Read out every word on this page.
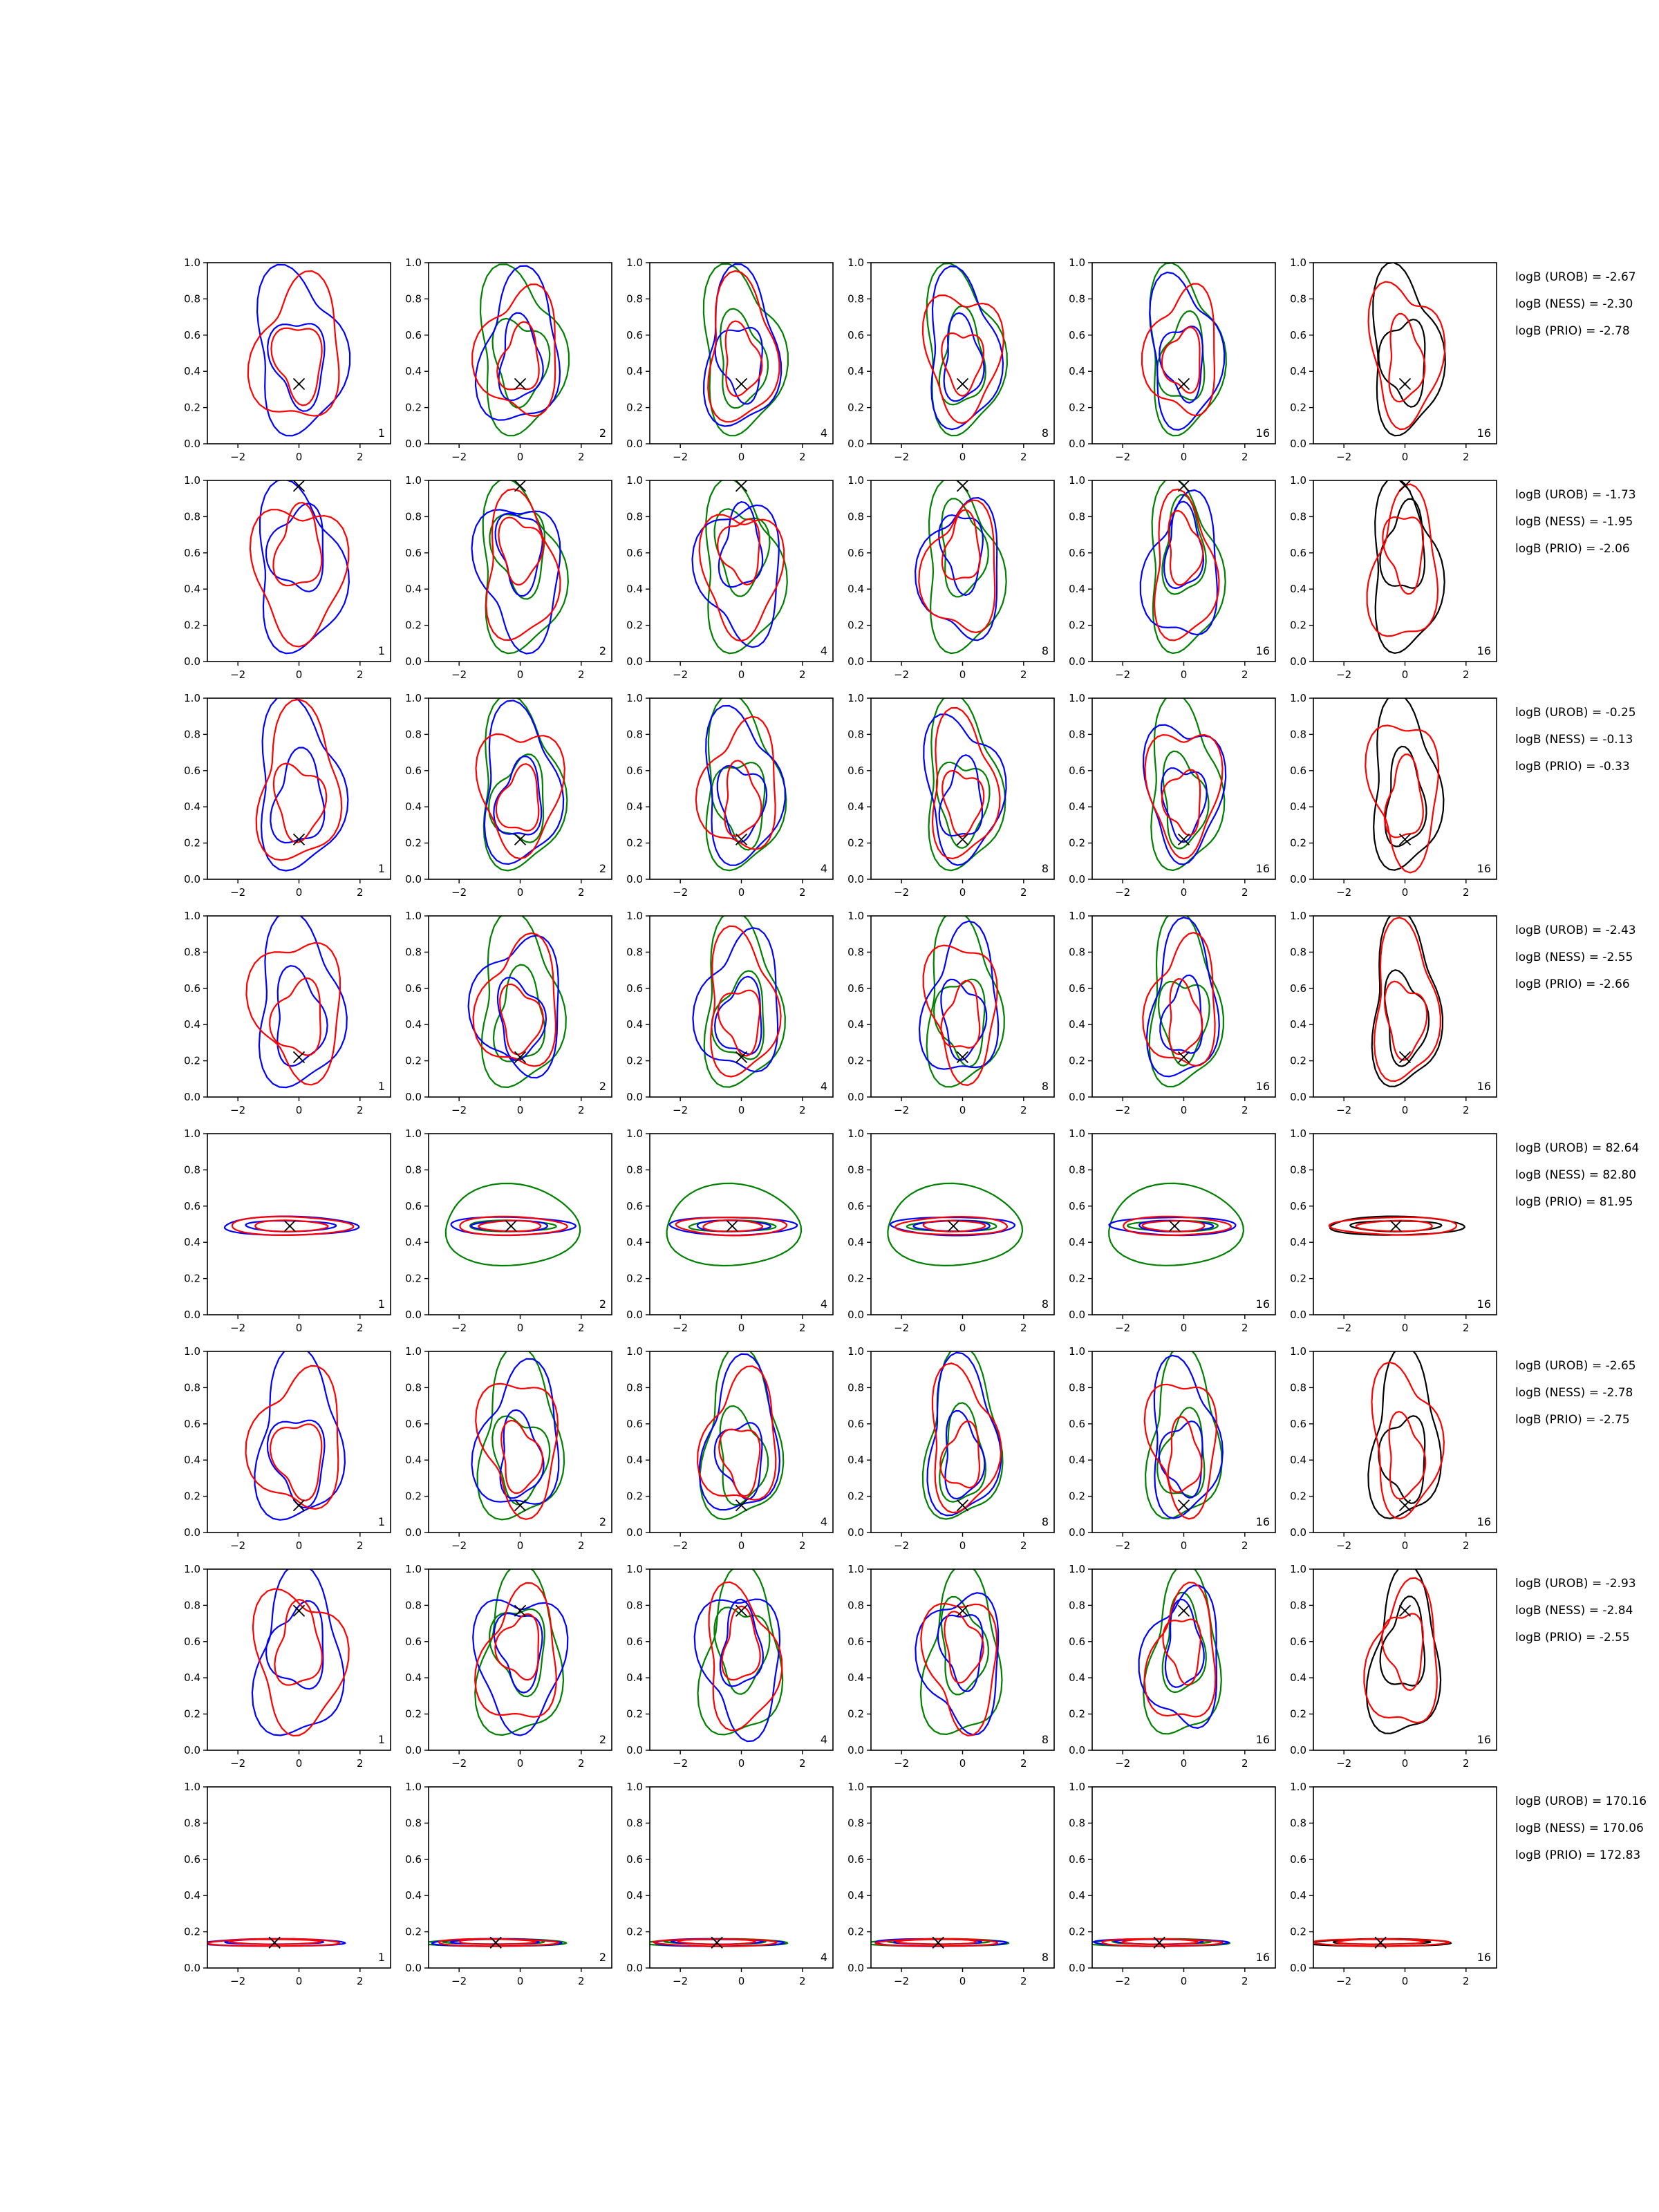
0.0
0.2
0.4
0.6
0.8
1.0
−2	0	2
1
0.0
0.2
0.4
0.6
0.8
1.0
−2	0	2
2
0.0
0.2
0.4
0.6
0.8
1.0
−2	0	2
4
0.0
0.2
0.4
0.6
0.8
1.0
−2	0	2
8
0.0
0.2
0.4
0.6
0.8
1.0
−2	0	2
16
0.0
0.2
0.4
0.6
0.8
1.0
−2	0	2
16
logB (UROB) = -2.67
logB (NESS) = -2.30
logB (PRIO) = -2.78
0.0
0.2
0.4
0.6
0.8
1.0
−2	0	2
1
0.0
0.2
0.4
0.6
0.8
1.0
−2	0	2
2
0.0
0.2
0.4
0.6
0.8
1.0
−2	0	2
4
0.0
0.2
0.4
0.6
0.8
1.0
−2	0	2
8
0.0
0.2
0.4
0.6
0.8
1.0
−2	0	2
16
0.0
0.2
0.4
0.6
0.8
1.0
−2	0	2
16
logB (UROB) = -1.73
logB (NESS) = -1.95
logB (PRIO) = -2.06
0.0
0.2
0.4
0.6
0.8
1.0
−2	0	2
1
0.0
0.2
0.4
0.6
0.8
1.0
−2	0	2
2
0.0
0.2
0.4
0.6
0.8
1.0
−2	0	2
4
0.0
0.2
0.4
0.6
0.8
1.0
−2	0	2
8
0.0
0.2
0.4
0.6
0.8
1.0
−2	0	2
16
0.0
0.2
0.4
0.6
0.8
1.0
−2	0	2
16
logB (UROB) = -0.25
logB (NESS) = -0.13
logB (PRIO) = -0.33
0.0
0.2
0.4
0.6
0.8
1.0
−2	0	2
1
0.0
0.2
0.4
0.6
0.8
1.0
−2	0	2
2
0.0
0.2
0.4
0.6
0.8
1.0
−2	0	2
4
0.0
0.2
0.4
0.6
0.8
1.0
−2	0	2
8
0.0
0.2
0.4
0.6
0.8
1.0
−2	0	2
16
0.0
0.2
0.4
0.6
0.8
1.0
−2	0	2
16
logB (UROB) = -2.43
logB (NESS) = -2.55
logB (PRIO) = -2.66
0.0
0.2
0.4
0.6
0.8
1.0
−2	0	2
1
0.0
0.2
0.4
0.6
0.8
1.0
−2	0	2
2
0.0
0.2
0.4
0.6
0.8
1.0
−2	0	2
4
0.0
0.2
0.4
0.6
0.8
1.0
−2	0	2
8
0.0
0.2
0.4
0.6
0.8
1.0
−2	0	2
16
0.0
0.2
0.4
0.6
0.8
1.0
−2	0	2
16
logB (UROB) = 82.64
logB (NESS) = 82.80
logB (PRIO) = 81.95
0.0
0.2
0.4
0.6
0.8
1.0
−2	0	2
1
0.0
0.2
0.4
0.6
0.8
1.0
−2	0	2
2
0.0
0.2
0.4
0.6
0.8
1.0
−2	0	2
4
0.0
0.2
0.4
0.6
0.8
1.0
−2	0	2
8
0.0
0.2
0.4
0.6
0.8
1.0
−2	0	2
16
0.0
0.2
0.4
0.6
0.8
1.0
−2	0	2
16
logB (UROB) = -2.65
logB (NESS) = -2.78
logB (PRIO) = -2.75
0.0
0.2
0.4
0.6
0.8
1.0
−2	0	2
1
0.0
0.2
0.4
0.6
0.8
1.0
−2	0	2
2
0.0
0.2
0.4
0.6
0.8
1.0
−2	0	2
4
0.0
0.2
0.4
0.6
0.8
1.0
−2	0	2
8
0.0
0.2
0.4
0.6
0.8
1.0
−2	0	2
16
0.0
0.2
0.4
0.6
0.8
1.0
−2	0	2
16
logB (UROB) = -2.93
logB (NESS) = -2.84
logB (PRIO) = -2.55
0.0
0.2
0.4
0.6
0.8
1.0
−2	0	2
1
0.0
0.2
0.4
0.6
0.8
1.0
−2	0	2
2
0.0
0.2
0.4
0.6
0.8
1.0
−2	0	2
4
0.0
0.2
0.4
0.6
0.8
1.0
−2	0	2
8
0.0
0.2
0.4
0.6
0.8
1.0
−2	0	2
16
0.0
0.2
0.4
0.6
0.8
1.0
−2	0	2
16
logB (UROB) = 170.16
logB (NESS) = 170.06
logB (PRIO) = 172.83
